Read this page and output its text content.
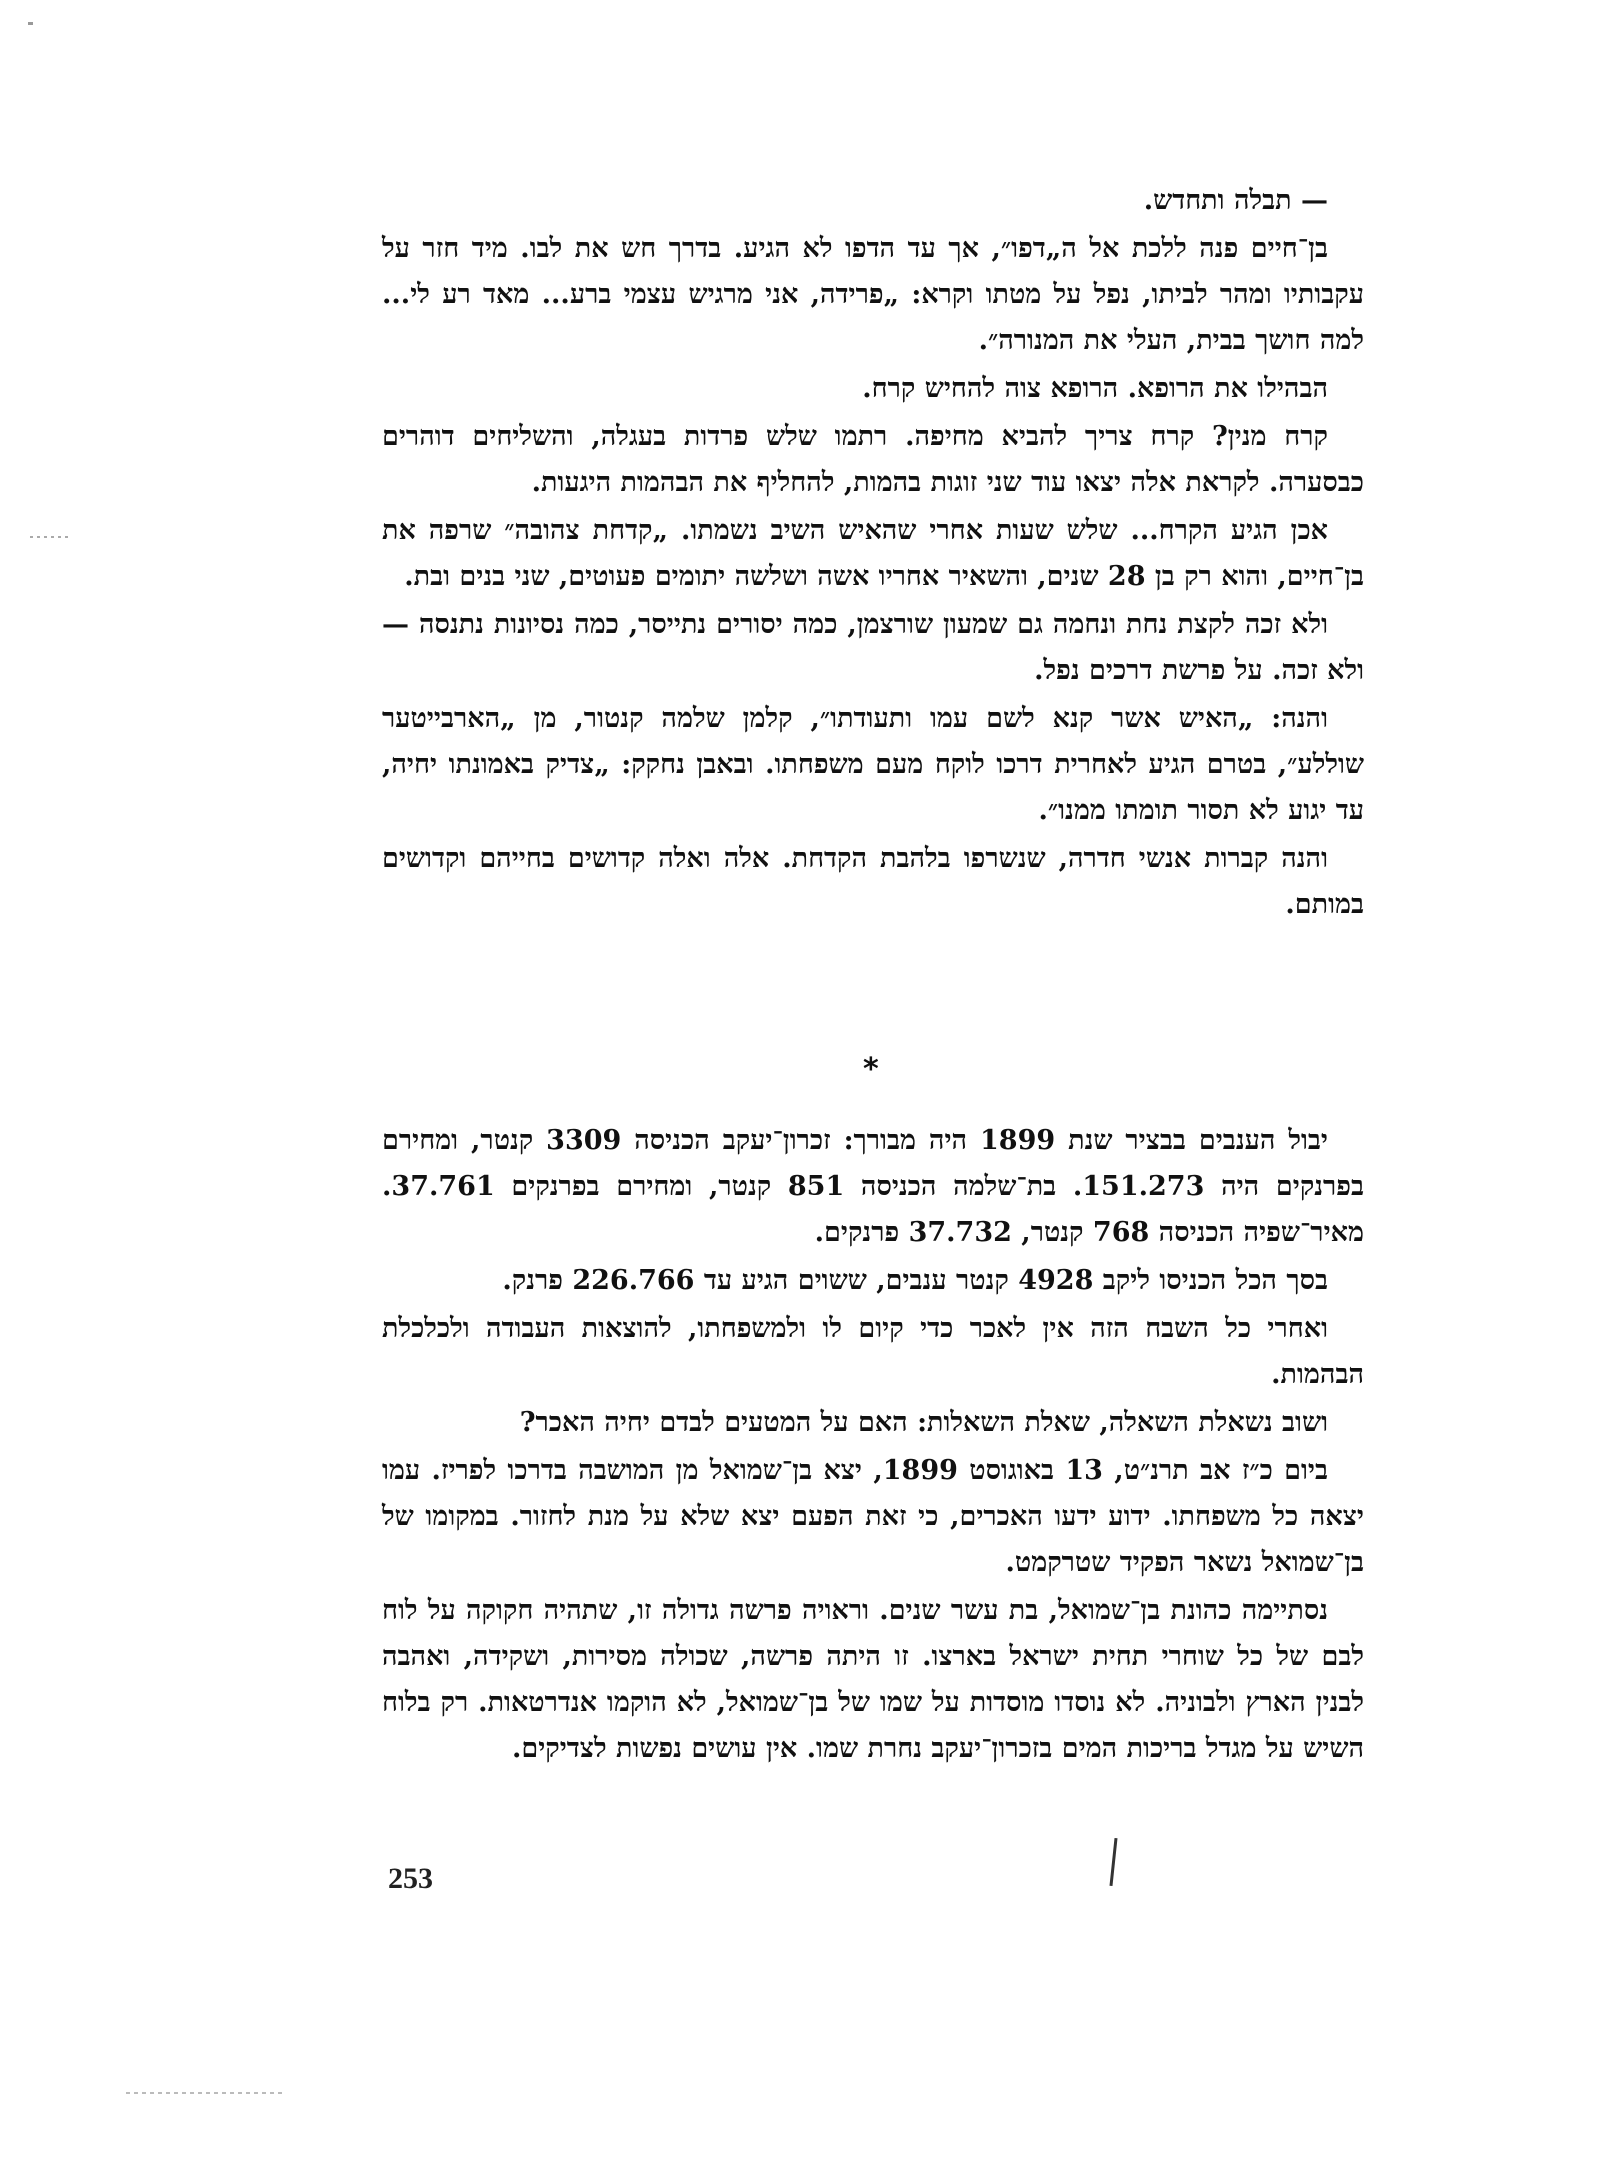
— תבלה ותחדש.

בן־חיים פנה ללכת אל ה„דפו״, אך עד הדפו לא הגיע. בדרך חש את לבו. מיד חזר על עקבותיו ומהר לביתו, נפל על מטתו וקרא: „פרידה, אני מרגיש עצמי ברע... מאד רע לי... למה חושך בבית, העלי את המנורה״.

הבהילו את הרופא. הרופא צוה להחיש קרח.

קרח מנין? קרח צריך להביא מחיפה. רתמו שלש פרדות בעגלה, והשליחים דוהרים כבסערה. לקראת אלה יצאו עוד שני זוגות בהמות, להחליף את הבהמות היגעות.

אכן הגיע הקרח... שלש שעות אחרי שהאיש השיב נשמתו. „קדחת צהובה״ שרפה את בן־חיים, והוא רק בן 28 שנים, והשאיר אחריו אשה ושלשה יתומים פעוטים, שני בנים ובת.

ולא זכה לקצת נחת ונחמה גם שמעון שורצמן, כמה יסורים נתייסר, כמה נסיונות נתנסה — ולא זכה. על פרשת דרכים נפל.

והנה: „האיש אשר קנא לשם עמו ותעודתו״, קלמן שלמה קנטור, מן „הארבייטער שוללע״, בטרם הגיע לאחרית דרכו לוקח מעם משפחתו. ובאבן נחקק: „צדיק באמונתו יחיה, עד יגוע לא תסור תומתו ממנו״.

והנה קברות אנשי חדרה, שנשרפו בלהבת הקדחת. אלה ואלה קדושים בחייהם וקדושים במותם.

*

יבול הענבים בבציר שנת 1899 היה מבורך: זכרון־יעקב הכניסה 3309 קנטר, ומחירם בפרנקים היה 151.273. בת־שלמה הכניסה 851 קנטר, ומחירם בפרנקים 37.761. מאיר־שפיה הכניסה 768 קנטר, 37.732 פרנקים.

בסך הכל הכניסו ליקב 4928 קנטר ענבים, ששוים הגיע עד 226.766 פרנק.

ואחרי כל השבח הזה אין לאכר כדי קיום לו ולמשפחתו, להוצאות העבודה ולכלכלת הבהמות.

ושוב נשאלת השאלה, שאלת השאלות: האם על המטעים לבדם יחיה האכר?

ביום כ״ז אב תרנ״ט, 13 באוגוסט 1899, יצא בן־שמואל מן המושבה בדרכו לפריז. עמו יצאה כל משפחתו. ידוע ידעו האכרים, כי זאת הפעם יצא שלא על מנת לחזור. במקומו של בן־שמואל נשאר הפקיד שטרקמט.

נסתיימה כהונת בן־שמואל, בת עשר שנים. וראויה פרשה גדולה זו, שתהיה חקוקה על לוח לבם של כל שוחרי תחית ישראל בארצו. זו היתה פרשה, שכולה מסירות, ושקידה, ואהבה לבנין הארץ ולבוניה. לא נוסדו מוסדות על שמו של בן־שמואל, לא הוקמו אנדרטאות. רק בלוח השיש על מגדל בריכות המים בזכרון־יעקב נחרת שמו. אין עושים נפשות לצדיקים.

253
